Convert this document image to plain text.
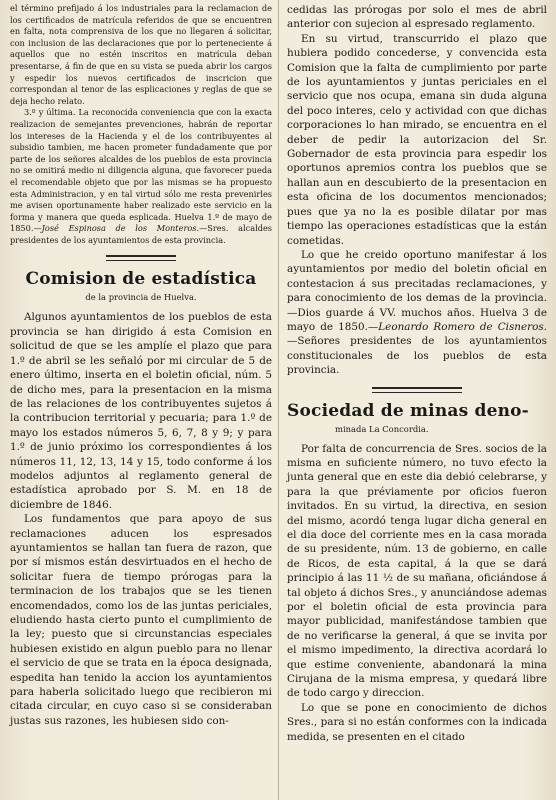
el término prefijado á los industriales para la reclamacion de los certificados de matrícula referidos de que se encuentren en falta, nota comprensiva de los que no llegaren á solicitar, con inclusion de las declaraciones que por lo perteneciente á aquellos que no estén inscritos en matrícula deban presentarse, á fin de que en su vista se pueda abrir los cargos y espedir los nuevos certificados de inscricion que correspondan al tenor de las esplicaciones y reglas de que se deja hecho relato.

3.º y última. La reconocida conveniencia que con la exacta realizacion de semejantes prevenciones, habrán de reportar los intereses de la Hacienda y el de los contribuyentes al subsidio tambien, me hacen prometer fundadamente que por parte de los señores alcaldes de los pueblos de esta provincia no se omitirá medio ni diligencia alguna, que favorecer pueda el recomendable objeto que por las mismas se ha propuesto esta Administracion, y en tal virtud sólo me resta prevenirles me avisen oportunamente haber realizado este servicio en la forma y manera que queda esplicada. Huelva 1.º de mayo de 1850.—José Espinosa de los Monteros.—Sres. alcaldes presidentes de los ayuntamientos de esta provincia.

Comision de estadística
de la provincia de Huelva.

Algunos ayuntamientos de los pueblos de esta provincia se han dirigido á esta Comision en solicitud de que se les amplíe el plazo que para 1.º de abril se les señaló por mi circular de 5 de enero último, inserta en el boletin oficial, núm. 5 de dicho mes, para la presentacion en la misma de las relaciones de los contribuyentes sujetos á la contribucion territorial y pecuaria; para 1.º de mayo los estados números 5, 6, 7, 8 y 9; y para 1.º de junio próximo los correspondientes á los números 11, 12, 13, 14 y 15, todo conforme á los modelos adjuntos al reglamento general de estadística aprobado por S. M. en 18 de diciembre de 1846.

Los fundamentos que para apoyo de sus reclamaciones aducen los espresados ayuntamientos se hallan tan fuera de razon, que por sí mismos están desvirtuados en el hecho de solicitar fuera de tiempo prórogas para la terminacion de los trabajos que se les tienen encomendados, como los de las juntas periciales, eludiendo hasta cierto punto el cumplimiento de la ley; puesto que si circunstancias especiales hubiesen existido en algun pueblo para no llenar el servicio de que se trata en la época designada, espedita han tenido la accion los ayuntamientos para haberla solicitado luego que recibieron mi citada circular, en cuyo caso si se consideraban justas sus razones, les hubiesen sido con-

cedidas las prórogas por solo el mes de abril anterior con sujecion al espresado reglamento.

En su virtud, transcurrido el plazo que hubiera podido concederse, y convencida esta Comision que la falta de cumplimiento por parte de los ayuntamientos y juntas periciales en el servicio que nos ocupa, emana sin duda alguna del poco interes, celo y actividad con que dichas corporaciones lo han mirado, se encuentra en el deber de pedir la autorizacion del Sr. Gobernador de esta provincia para espedir los oportunos apremios contra los pueblos que se hallan aun en descubierto de la presentacion en esta oficina de los documentos mencionados; pues que ya no la es posible dilatar por mas tiempo las operaciones estadísticas que la están cometidas.

Lo que he creido oportuno manifestar á los ayuntamientos por medio del boletin oficial en contestacion á sus precitadas reclamaciones, y para conocimiento de los demas de la provincia.—Dios guarde á VV. muchos años. Huelva 3 de mayo de 1850.—Leonardo Romero de Cisneros.—Señores presidentes de los ayuntamientos constitucionales de los pueblos de esta provincia.

Sociedad de minas deno-
minada La Concordia.

Por falta de concurrencia de Sres. socios de la misma en suficiente número, no tuvo efecto la junta general que en este dia debió celebrarse, y para la que préviamente por oficios fueron invitados. En su virtud, la directiva, en sesion del mismo, acordó tenga lugar dicha general en el dia doce del corriente mes en la casa morada de su presidente, núm. 13 de gobierno, en calle de Ricos, de esta capital, á la que se dará principio á las 11 ½ de su mañana, oficiándose á tal objeto á dichos Sres., y anunciándose ademas por el boletin oficial de esta provincia para mayor publicidad, manifestándose tambien que de no verificarse la general, á que se invita por el mismo impedimento, la directiva acordará lo que estime conveniente, abandonará la mina Cirujana de la misma empresa, y quedará libre de todo cargo y direccion.

Lo que se pone en conocimiento de dichos Sres., para si no están conformes con la indicada medida, se presenten en el citado
